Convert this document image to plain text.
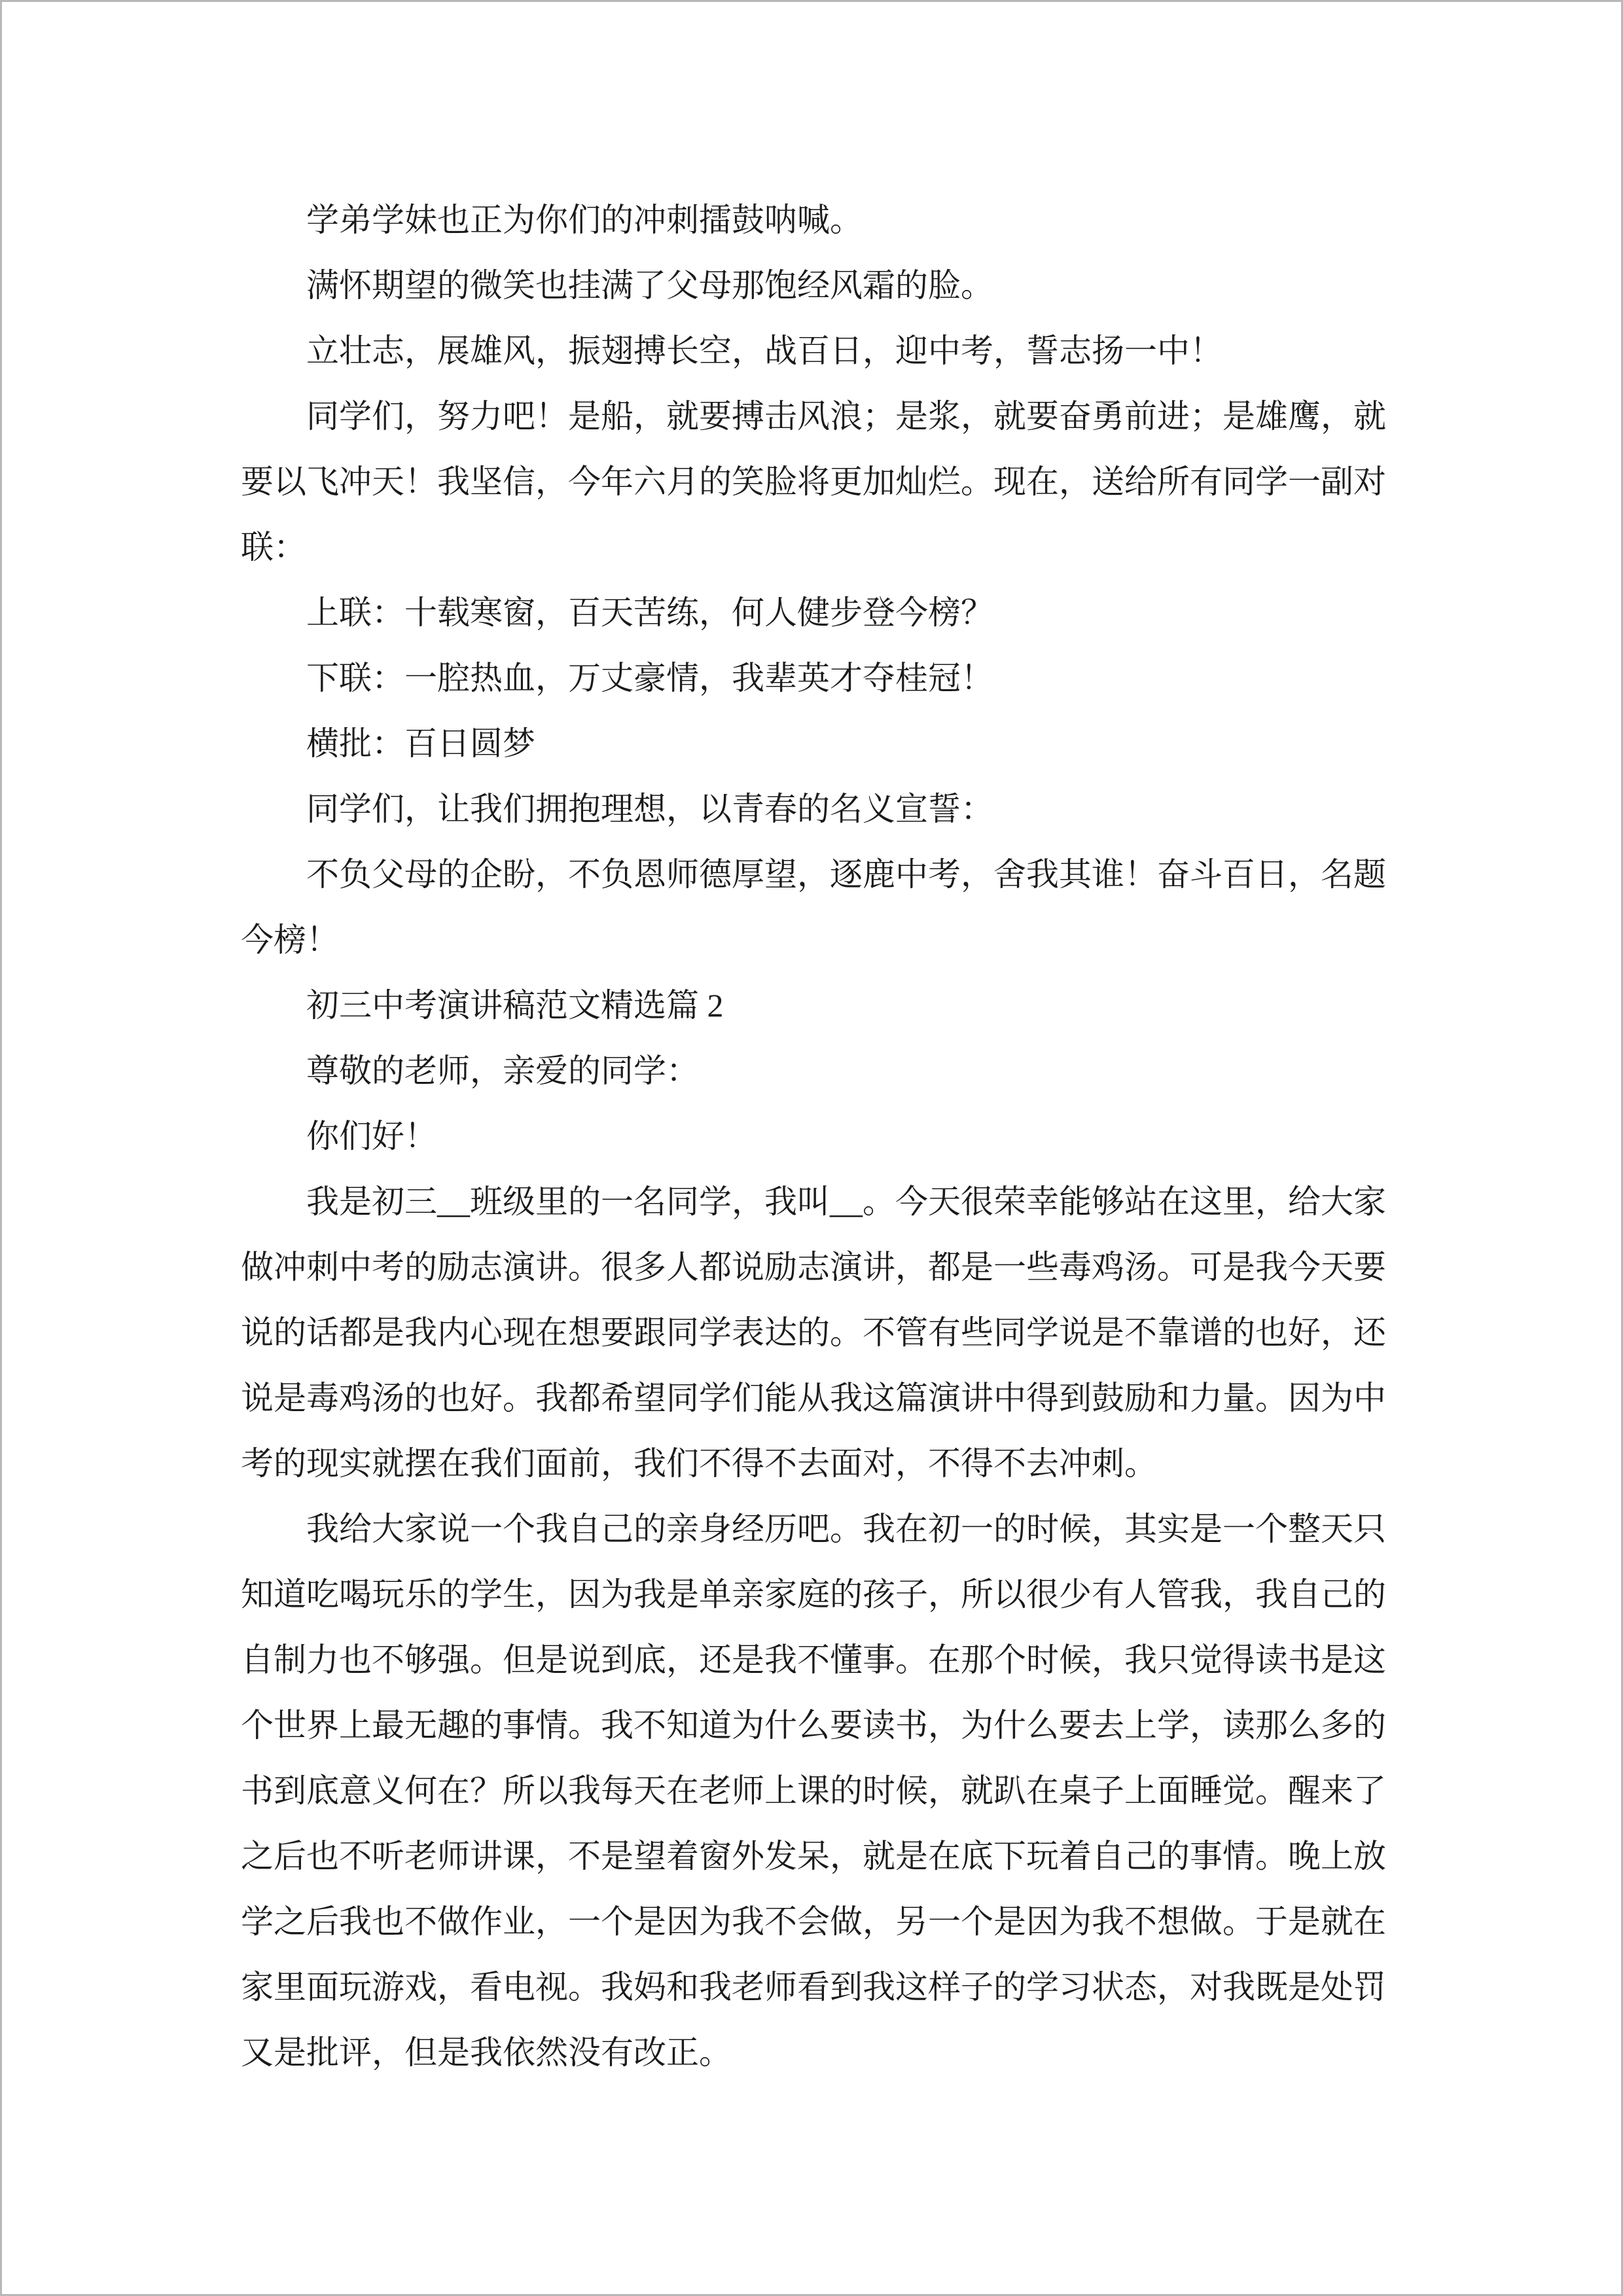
学弟学妹也正为你们的冲刺擂鼓呐喊。

满怀期望的微笑也挂满了父母那饱经风霜的脸。

立壮志，展雄风，振翅搏长空，战百日，迎中考，誓志扬一中！

同学们，努力吧！是船，就要搏击风浪；是浆，就要奋勇前进；是雄鹰，就要以飞冲天！我坚信，今年六月的笑脸将更加灿烂。现在，送给所有同学一副对联：

上联：十载寒窗，百天苦练，何人健步登今榜？

下联：一腔热血，万丈豪情，我辈英才夺桂冠！

横批：百日圆梦

同学们，让我们拥抱理想，以青春的名义宣誓：

不负父母的企盼，不负恩师德厚望，逐鹿中考，舍我其谁！奋斗百日，名题今榜！

初三中考演讲稿范文精选篇 2

尊敬的老师，亲爱的同学：

你们好！

我是初三__班级里的一名同学，我叫__。今天很荣幸能够站在这里，给大家做冲刺中考的励志演讲。很多人都说励志演讲，都是一些毒鸡汤。可是我今天要说的话都是我内心现在想要跟同学表达的。不管有些同学说是不靠谱的也好，还说是毒鸡汤的也好。我都希望同学们能从我这篇演讲中得到鼓励和力量。因为中考的现实就摆在我们面前，我们不得不去面对，不得不去冲刺。

我给大家说一个我自己的亲身经历吧。我在初一的时候，其实是一个整天只知道吃喝玩乐的学生，因为我是单亲家庭的孩子，所以很少有人管我，我自己的自制力也不够强。但是说到底，还是我不懂事。在那个时候，我只觉得读书是这个世界上最无趣的事情。我不知道为什么要读书，为什么要去上学，读那么多的书到底意义何在？所以我每天在老师上课的时候，就趴在桌子上面睡觉。醒来了之后也不听老师讲课，不是望着窗外发呆，就是在底下玩着自己的事情。晚上放学之后我也不做作业，一个是因为我不会做，另一个是因为我不想做。于是就在家里面玩游戏，看电视。我妈和我老师看到我这样子的学习状态，对我既是处罚又是批评，但是我依然没有改正。
